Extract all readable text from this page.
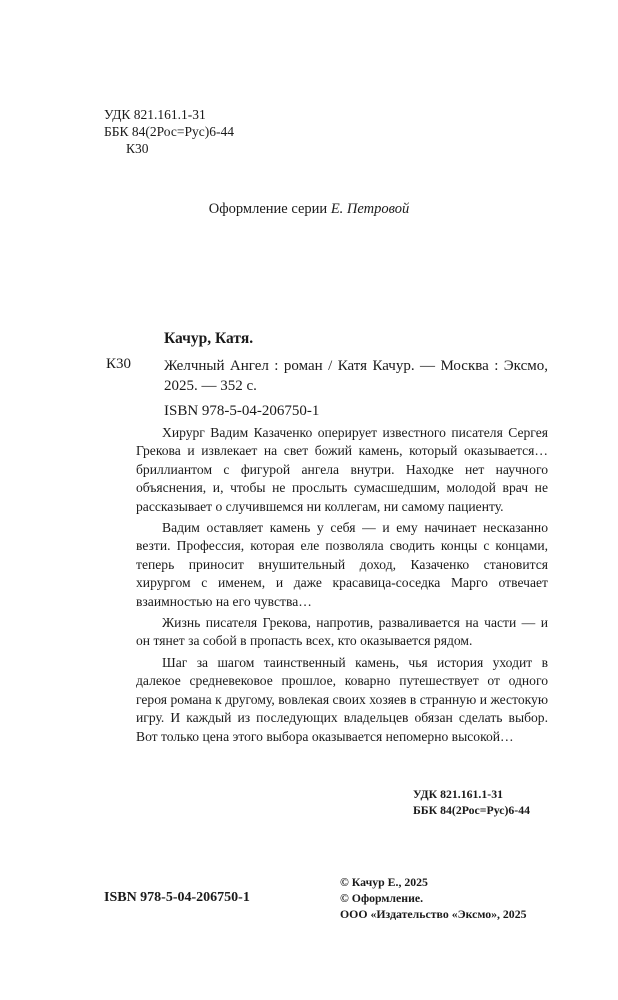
УДК 821.161.1-31
ББК 84(2Рос=Рус)6-44
К30
Оформление серии Е. Петровой
Качур, Катя.
К30 Желчный Ангел : роман / Катя Качур. — Москва : Эксмо, 2025. — 352 с.
ISBN 978-5-04-206750-1

Хирург Вадим Казаченко оперирует известного писателя Сергея Грекова и извлекает на свет божий камень, который оказывается… бриллиантом с фигурой ангела внутри. Находке нет научного объяснения, и, чтобы не прослыть сумасшедшим, молодой врач не рассказывает о случившемся ни коллегам, ни самому пациенту.

Вадим оставляет камень у себя — и ему начинает несказанно везти. Профессия, которая еле позволяла сводить концы с концами, теперь приносит внушительный доход, Казаченко становится хирургом с именем, и даже красавица-соседка Марго отвечает взаимностью на его чувства…

Жизнь писателя Грекова, напротив, разваливается на части — и он тянет за собой в пропасть всех, кто оказывается рядом.

Шаг за шагом таинственный камень, чья история уходит в далекое средневековое прошлое, коварно путешествует от одного героя романа к другому, вовлекая своих хозяев в странную и жестокую игру. И каждый из последующих владельцев обязан сделать выбор. Вот только цена этого выбора оказывается непомерно высокой…

УДК 821.161.1-31
ББК 84(2Рос=Рус)6-44
© Качур Е., 2025
© Оформление.
ООО «Издательство «Эксмо», 2025
ISBN 978-5-04-206750-1
